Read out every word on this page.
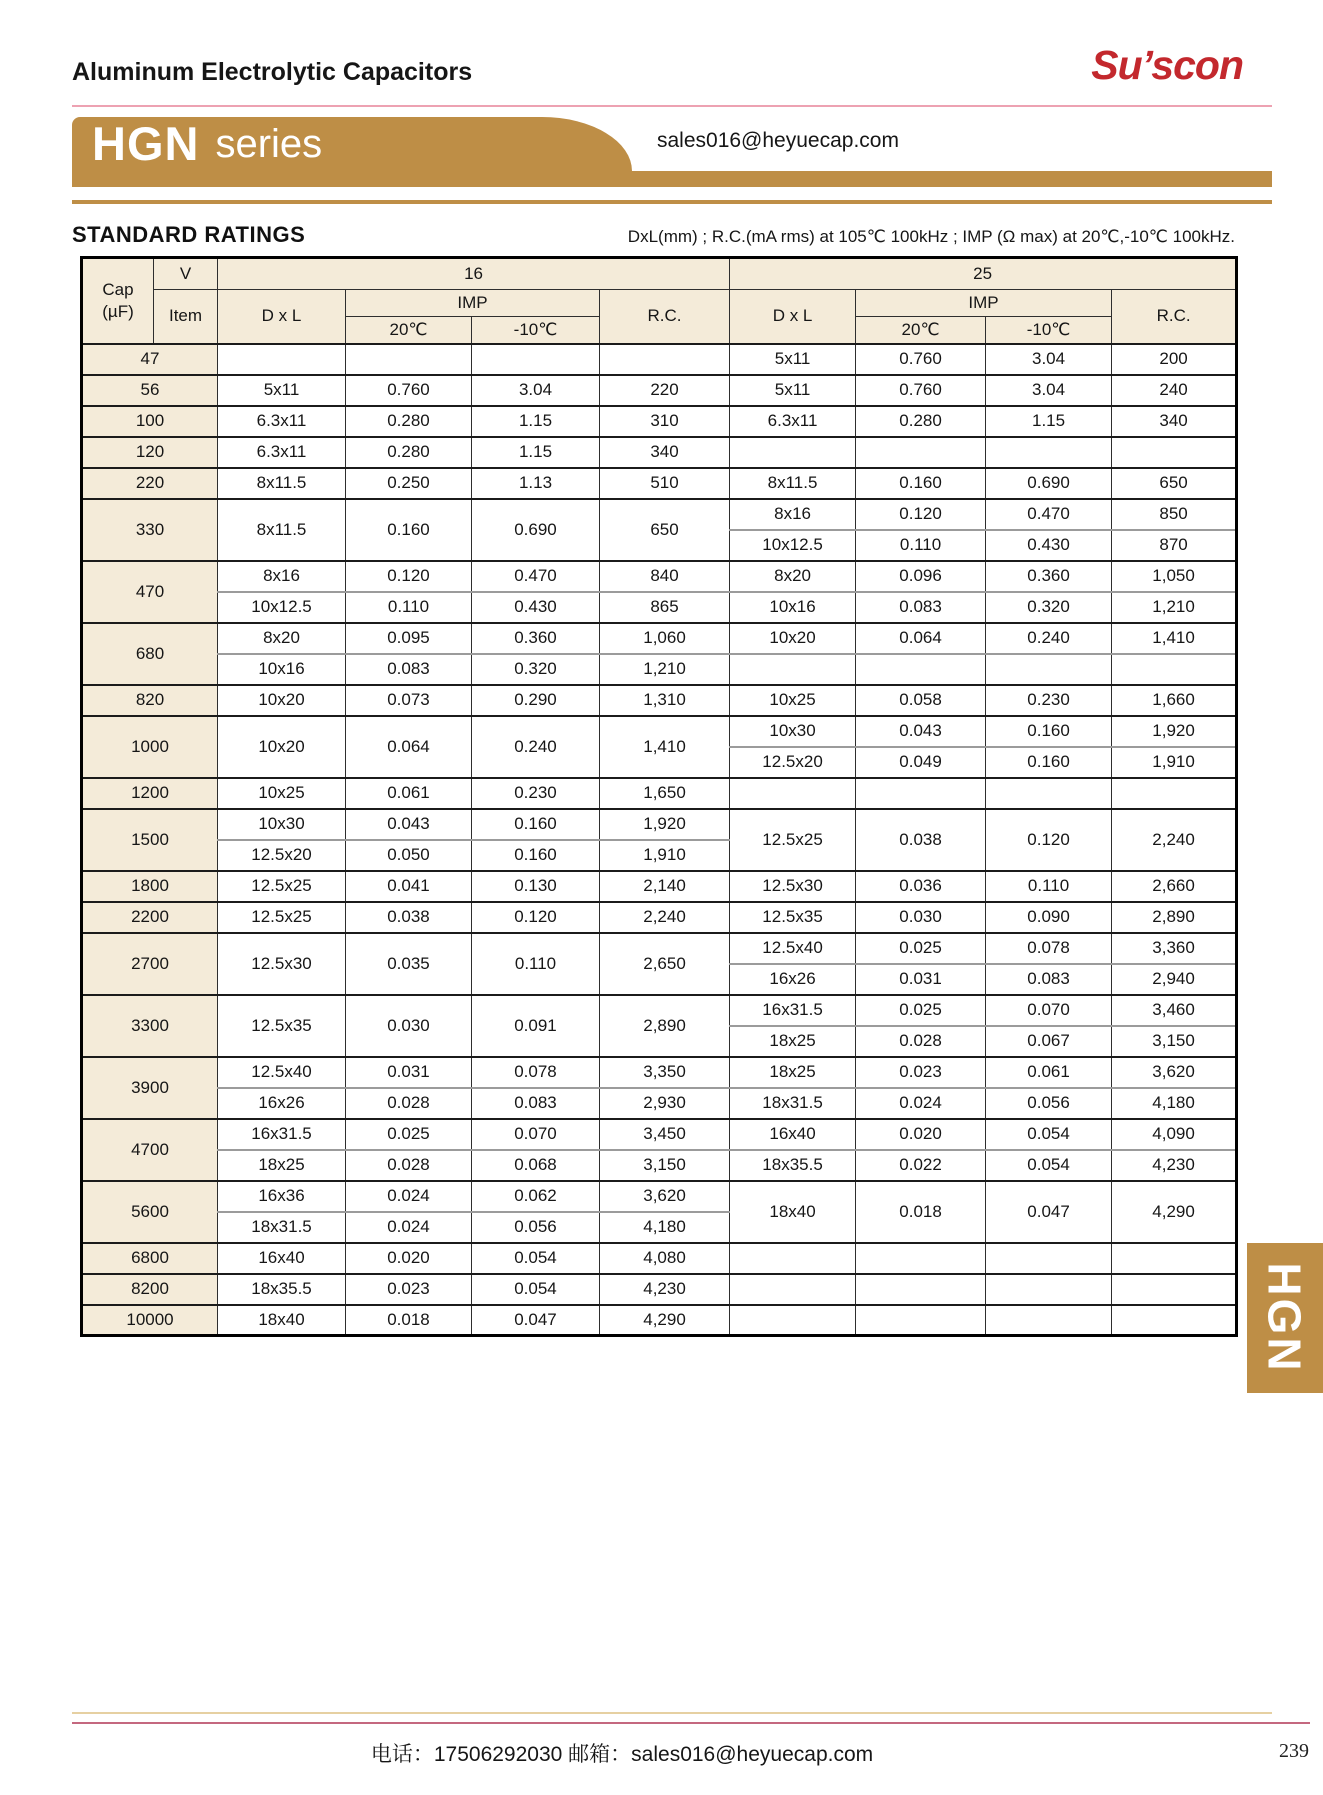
Aluminum Electrolytic Capacitors	Su’scon
HGN series	sales016@heyuecap.com
STANDARD RATINGS	DxL(mm) ; R.C.(mA rms) at 105℃ 100kHz ; IMP (Ω max) at 20℃,-10℃ 100kHz.
Cap
(µF)	V	16				25			
	Item	D x L	IMP		R.C.	D x L	IMP		R.C.
			20℃	-10℃			20℃	-10℃	
47						5x11	0.760	3.04	200
56		5x11	0.760	3.04	220	5x11	0.760	3.04	240
100		6.3x11	0.280	1.15	310	6.3x11	0.280	1.15	340
120		6.3x11	0.280	1.15	340				
220		8x11.5	0.250	1.13	510	8x11.5	0.160	0.690	650
330		8x11.5	0.160	0.690	650	8x16	0.120	0.470	850
						10x12.5	0.110	0.430	870
470		8x16	0.120	0.470	840	8x20	0.096	0.360	1,050
		10x12.5	0.110	0.430	865	10x16	0.083	0.320	1,210
680		8x20	0.095	0.360	1,060	10x20	0.064	0.240	1,410
		10x16	0.083	0.320	1,210				
820		10x20	0.073	0.290	1,310	10x25	0.058	0.230	1,660
1000		10x20	0.064	0.240	1,410	10x30	0.043	0.160	1,920
						12.5x20	0.049	0.160	1,910
1200		10x25	0.061	0.230	1,650				
1500		10x30	0.043	0.160	1,920	12.5x25	0.038	0.120	2,240
		12.5x20	0.050	0.160	1,910				
1800		12.5x25	0.041	0.130	2,140	12.5x30	0.036	0.110	2,660
2200		12.5x25	0.038	0.120	2,240	12.5x35	0.030	0.090	2,890
2700		12.5x30	0.035	0.110	2,650	12.5x40	0.025	0.078	3,360
						16x26	0.031	0.083	2,940
3300		12.5x35	0.030	0.091	2,890	16x31.5	0.025	0.070	3,460
						18x25	0.028	0.067	3,150
3900		12.5x40	0.031	0.078	3,350	18x25	0.023	0.061	3,620
		16x26	0.028	0.083	2,930	18x31.5	0.024	0.056	4,180
4700		16x31.5	0.025	0.070	3,450	16x40	0.020	0.054	4,090
		18x25	0.028	0.068	3,150	18x35.5	0.022	0.054	4,230
5600		16x36	0.024	0.062	3,620	18x40	0.018	0.047	4,290
		18x31.5	0.024	0.056	4,180				
6800		16x40	0.020	0.054	4,080				
8200		18x35.5	0.023	0.054	4,230				
10000		18x40	0.018	0.047	4,290					HGN
电话：17506292030 邮箱：sales016@heyuecap.com	239
